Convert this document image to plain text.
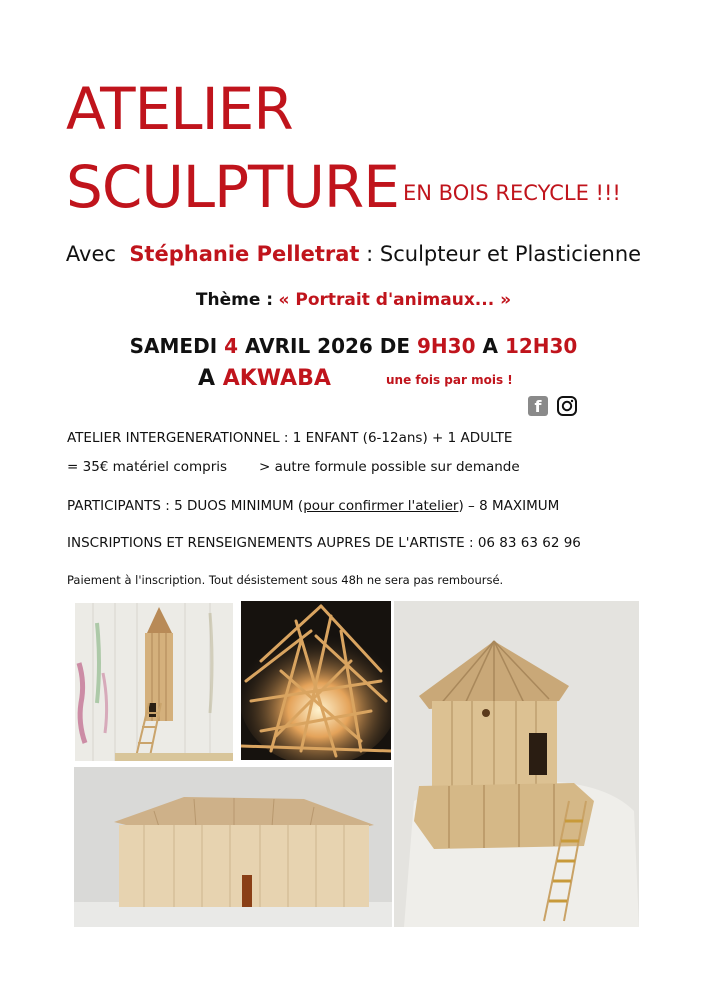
ATELIER
SCULPTURE EN BOIS RECYCLE !!!
Avec Stéphanie Pelletrat : Sculpteur et Plasticienne
Thème : « Portrait d'animaux... »
SAMEDI 4 AVRIL 2026 DE 9H30 A 12H30
A AKWABA	une fois par mois !
f
ATELIER INTERGENERATIONNEL : 1 ENFANT (6-12ans) + 1 ADULTE
= 35€ matériel compris > autre formule possible sur demande
PARTICIPANTS : 5 DUOS MINIMUM (pour confirmer l'atelier) – 8 MAXIMUM
INSCRIPTIONS ET RENSEIGNEMENTS AUPRES DE L'ARTISTE : 06 83 63 62 96
Paiement à l'inscription. Tout désistement sous 48h ne sera pas remboursé.
